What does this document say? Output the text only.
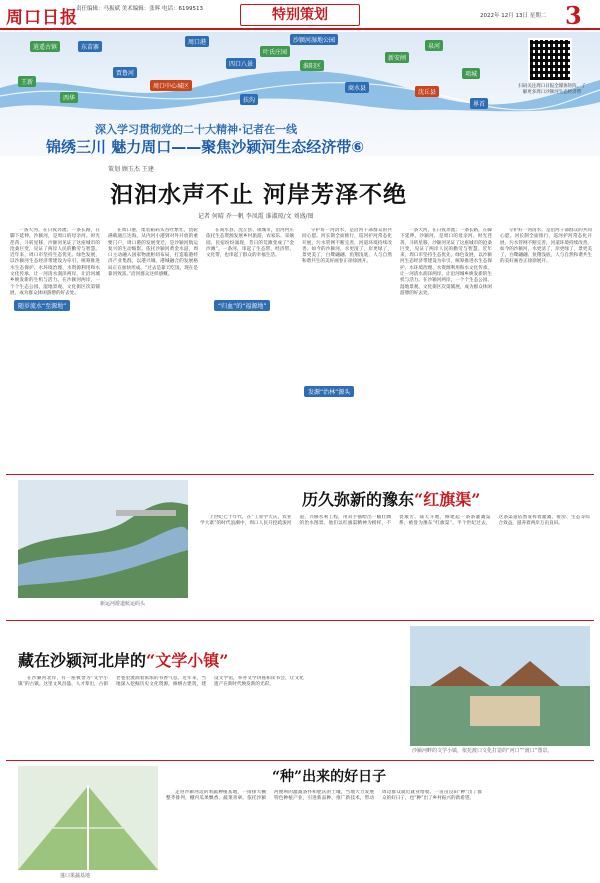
周口日报
责任编辑：马振斌 美术编辑：张辉 电话：6199513	特别策划	2022年 12月 13日 星期二 3
逍遥古镇	东苗寨
周口港
叶氏庄园
贾鲁河
周口中心城区
王新
四口八景	淮阳区
商水县
沈丘县
项城
沙颍河湿地公园
新安闸
界首
泉河
西华	扶沟
扫码关注周口日报全媒体矩阵，了解更多周口沙颍河生态经济带
深入学习贯彻党的二十大精神·记者在一线
锦绣三川 魅力周口——聚焦沙颍河生态经济带⑥
策划 顾玉杰 王建
汩汩水声不止 河岸芳泽不绝
记者 何晴 乔一帆 李凤霞 谁淑琼/文 刘盛/图

一条大河，在日夜奔流；一条长路，在脚下延伸。沙颍河，是周口的母亲河。时光荏苒，斗转星移，沙颍河见证了这座城市的沧桑巨变，见证了两岸人民的勤劳与智慧。近年来，周口市坚持生态优先、绿色发展，以沙颍河生态经济带建设为牵引，统筹推进水生态保护、水环境治理、水资源利用和水文化传承，让一河清水润泽两岸，让沿河城乡焕发新的生机与活力。在沙颍河两岸，一个个生态公园、湿地景观、文化街区次第铺展，成为群众休闲游憩的好去处。

随岁流水“至源地”

在周口港，集装箱码头吞吐繁忙，货轮满载通江达海。从内河小港到对外开放的重要门户，周口港的发展变迁，是沙颍河航运复兴的生动缩影。依托沙颍河黄金水道，周口主动融入国家物流枢纽布局，打造临港经济产业集群，以港兴城、港城融合的发展格局正在加快形成。“过去是靠天吃饭，现在是靠河致富。”沿河群众这样感慨。

在商水县、沈丘县、项城市，沿河村庄依托生态资源发展乡村旅游，农家乐、采摘园、民宿纷纷涌现，昔日的荒滩变成了“金沙滩”。一条河，串起了生态带、经济带、文化带，也串起了群众的幸福生活。

“归血”的“福源地”

守护好一河清水，是沿河干部群众的共同心愿。河长制全面推行，巡河护河常态化开展，污水管网不断完善，河道环境持续改善。如今的沙颍河，水更清了，岸更绿了，景更美了，白鹭翩翩、鱼翔浅底，人与自然和谐共生的美好画卷正徐徐展开。

发源“治林”源头

一条大河，在日夜奔流；一条长路，在脚下延伸。沙颍河，是周口的母亲河。时光荏苒，斗转星移，沙颍河见证了这座城市的沧桑巨变，见证了两岸人民的勤劳与智慧。近年来，周口市坚持生态优先、绿色发展，以沙颍河生态经济带建设为牵引，统筹推进水生态保护、水环境治理、水资源利用和水文化传承，让一河清水润泽两岸，让沿河城乡焕发新的生机与活力。在沙颍河两岸，一个个生态公园、湿地景观、文化街区次第铺展，成为群众休闲游憩的好去处。

守护好一河清水，是沿河干部群众的共同心愿。河长制全面推行，巡河护河常态化开展，污水管网不断完善，河道环境持续改善。如今的沙颍河，水更清了，岸更绿了，景更美了，白鹭翩翩、鱼翔浅底，人与自然和谐共生的美好画卷正徐徐展开。

新运河游道航运码头
历久弥新的豫东“红旗渠”

上世纪七十年代，在“工业学大庆，农业学大寨”的时代浪潮中，周口人民开挖疏浚河道，兴修水利工程，用双手描绘出一幅壮阔的治水图景。他们以红旗渠精神为榜样，不畏艰苦、战天斗地，修建起一条条灌溉渠系，被誉为豫东“红旗渠”。半个世纪过去，这条渠道依然发挥着灌溉、排涝、生态等综合效益，滋养着两岸万亩良田。

藏在沙颍河北岸的“文学小镇”

在沙颍河北岸，有一座被誉为“文学小镇”的古镇。这里文风昌盛、人才辈出，古街老巷里流淌着浓浓的书香气息。近年来，当地深入挖掘历史文化资源，修缮古建筑，建设文学馆，举办文学讲座和读书会，让文化遗产在新时代焕发新的光彩。

沙颍河畔的文学小镇，依托渡口文化打造的“河口”“渡口”图景。
蓬口果蔬基地
“种”出来的好日子

走进沙颍河边的果蔬种植基地，一排排大棚整齐排列，棚内瓜果飘香、蔬菜青翠。依托沙颍河便利的灌溉条件和肥沃的土壤，当地大力发展特色种植产业，引进新品种、推广新技术，带动周边群众就近就业增收。一亩亩良田“种”出了群众的好日子，也“种”出了乡村振兴的新希望。
